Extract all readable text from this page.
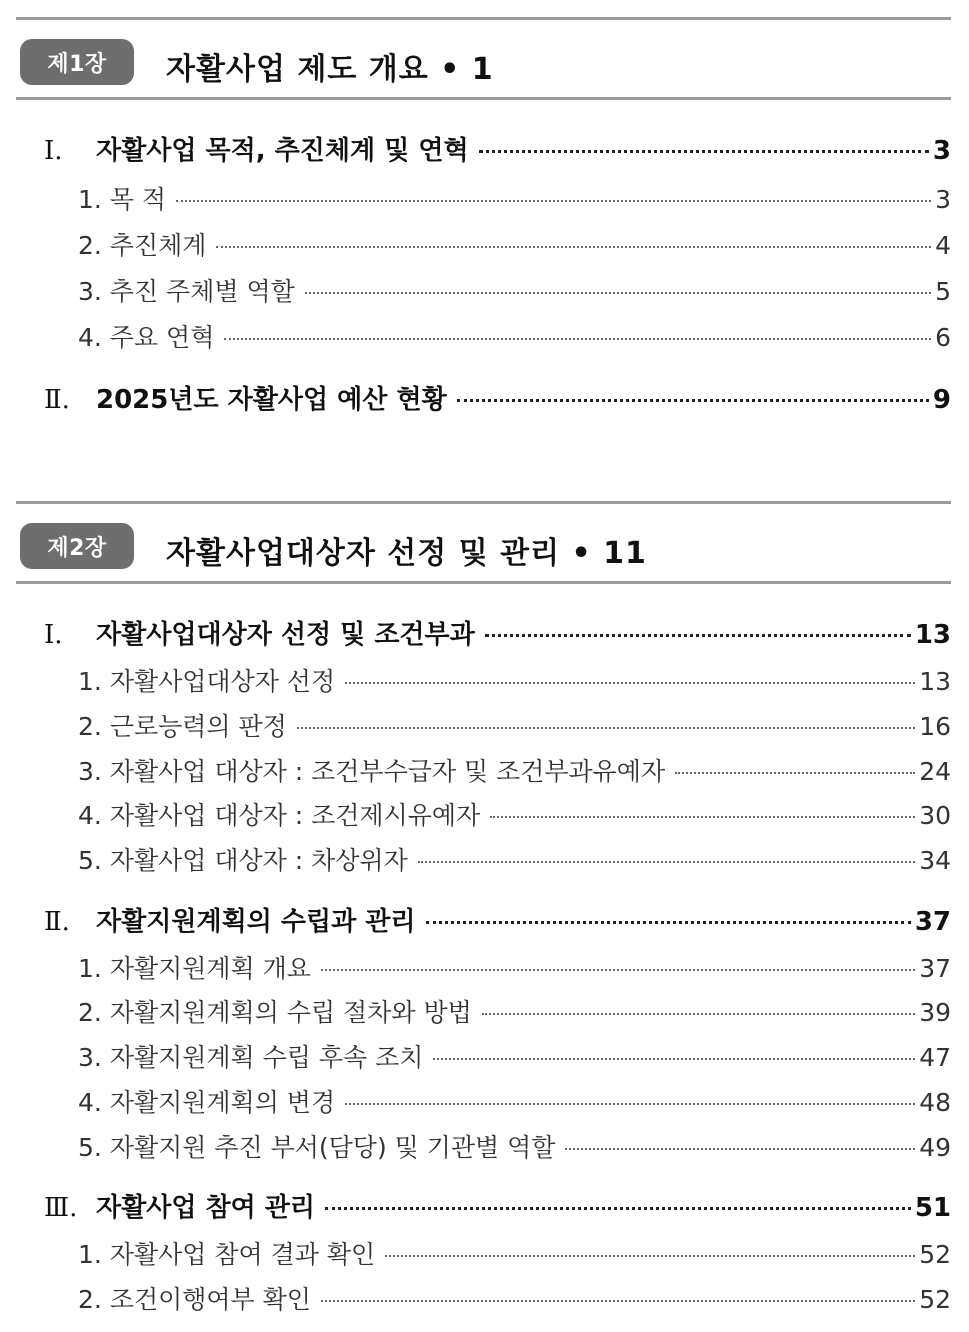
제1장	자활사업 제도 개요 • 1
Ⅰ. 자활사업 목적, 추진체계 및 연혁	3
1. 목 적	3
2. 추진체계	4
3. 추진 주체별 역할	5
4. 주요 연혁	6
Ⅱ. 2025년도 자활사업 예산 현황	9
제2장	자활사업대상자 선정 및 관리 • 11
Ⅰ. 자활사업대상자 선정 및 조건부과	13
1. 자활사업대상자 선정	13
2. 근로능력의 판정	16
3. 자활사업 대상자 : 조건부수급자 및 조건부과유예자	24
4. 자활사업 대상자 : 조건제시유예자	30
5. 자활사업 대상자 : 차상위자	34
Ⅱ. 자활지원계획의 수립과 관리	37
1. 자활지원계획 개요	37
2. 자활지원계획의 수립 절차와 방법	39
3. 자활지원계획 수립 후속 조치	47
4. 자활지원계획의 변경	48
5. 자활지원 추진 부서(담당) 및 기관별 역할	49
Ⅲ. 자활사업 참여 관리	51
1. 자활사업 참여 결과 확인	52
2. 조건이행여부 확인	52
